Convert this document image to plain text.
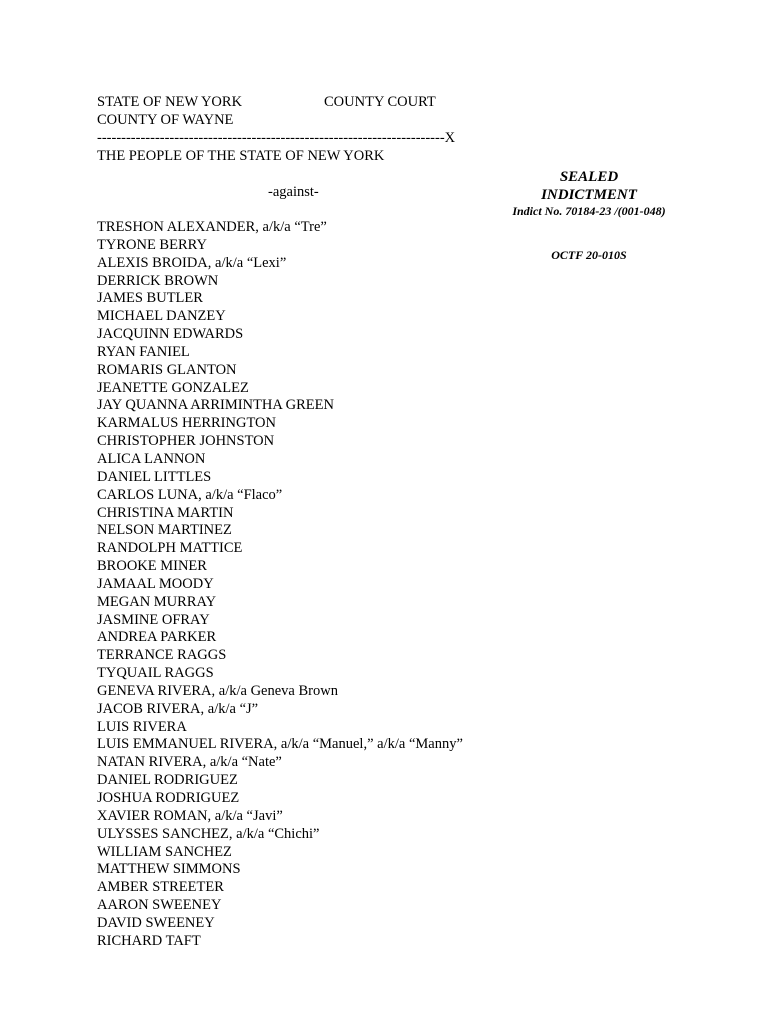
STATE OF NEW YORK	COUNTY COURT
COUNTY OF WAYNE
------------------------------------------------------------------------X
THE PEOPLE OF THE STATE OF NEW YORK
-against-
SEALED
INDICTMENT
Indict No. 70184-23 /(001-048)
OCTF 20-010S
TRESHON ALEXANDER, a/k/a “Tre”
TYRONE BERRY
ALEXIS BROIDA, a/k/a “Lexi”
DERRICK BROWN
JAMES BUTLER
MICHAEL DANZEY
JACQUINN EDWARDS
RYAN FANIEL
ROMARIS GLANTON
JEANETTE GONZALEZ
JAY QUANNA ARRIMINTHA GREEN
KARMALUS HERRINGTON
CHRISTOPHER JOHNSTON
ALICA LANNON
DANIEL LITTLES
CARLOS LUNA, a/k/a “Flaco”
CHRISTINA MARTIN
NELSON MARTINEZ
RANDOLPH MATTICE
BROOKE MINER
JAMAAL MOODY
MEGAN MURRAY
JASMINE OFRAY
ANDREA PARKER
TERRANCE RAGGS
TYQUAIL RAGGS
GENEVA RIVERA, a/k/a Geneva Brown
JACOB RIVERA, a/k/a “J”
LUIS RIVERA
LUIS EMMANUEL RIVERA, a/k/a “Manuel,” a/k/a “Manny”
NATAN RIVERA, a/k/a “Nate”
DANIEL RODRIGUEZ
JOSHUA RODRIGUEZ
XAVIER ROMAN, a/k/a “Javi”
ULYSSES SANCHEZ, a/k/a “Chichi”
WILLIAM SANCHEZ
MATTHEW SIMMONS
AMBER STREETER
AARON SWEENEY
DAVID SWEENEY
RICHARD TAFT
